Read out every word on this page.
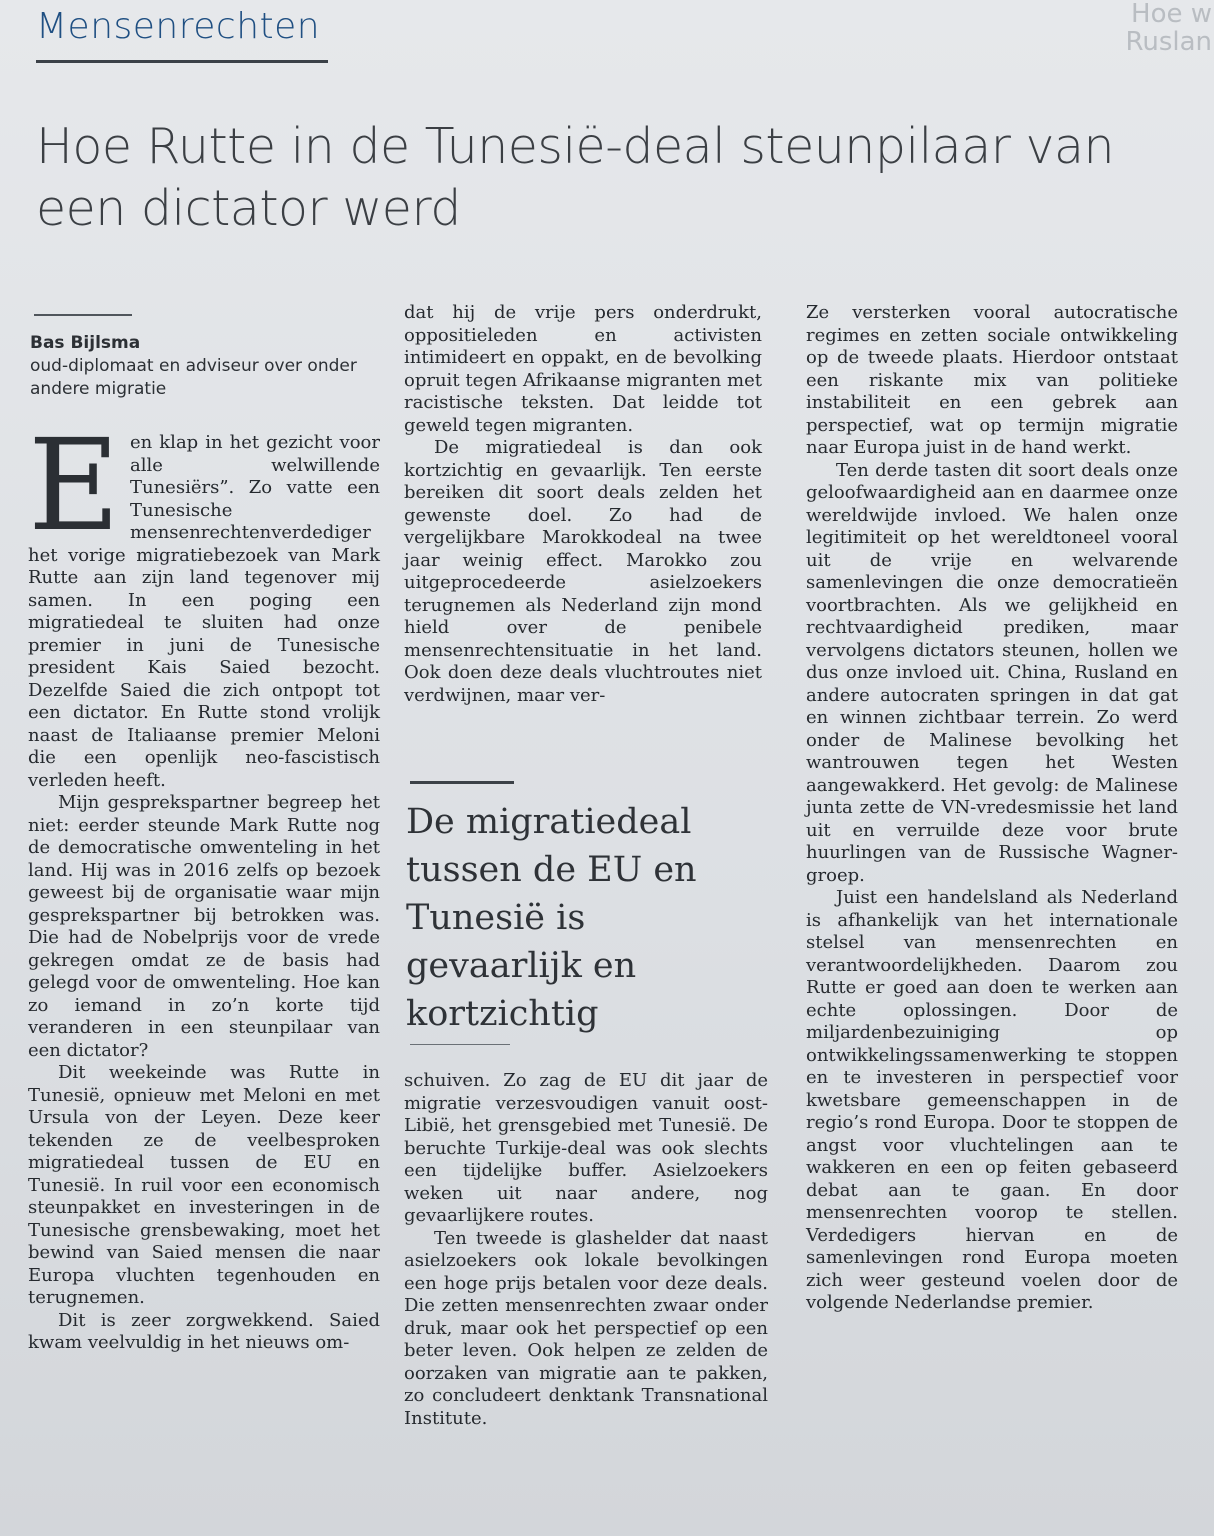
Hoe w
Ruslan
Mensenrechten
Hoe Rutte in de Tunesië-deal steunpilaar van een dictator werd
Bas Bijlsma
oud-diplomaat en adviseur over onder andere migratie

Een klap in het gezicht voor alle welwillende Tunesiërs”. Zo vatte een Tunesische mensenrechtenverdediger het vorige migratiebezoek van Mark Rutte aan zijn land tegenover mij samen. In een poging een migratiedeal te sluiten had onze premier in juni de Tunesische president Kais Saied bezocht. Dezelfde Saied die zich ontpopt tot een dictator. En Rutte stond vrolijk naast de Italiaanse premier Meloni die een openlijk neo-fascistisch verleden heeft.

Mijn gesprekspartner begreep het niet: eerder steunde Mark Rutte nog de democratische omwenteling in het land. Hij was in 2016 zelfs op bezoek geweest bij de organisatie waar mijn gesprekspartner bij betrokken was. Die had de Nobelprijs voor de vrede gekregen omdat ze de basis had gelegd voor de omwenteling. Hoe kan zo iemand in zo’n korte tijd veranderen in een steunpilaar van een dictator?

Dit weekeinde was Rutte in Tunesië, opnieuw met Meloni en met Ursula von der Leyen. Deze keer tekenden ze de veelbesproken migratiedeal tussen de EU en Tunesië. In ruil voor een economisch steunpakket en investeringen in de Tunesische grensbewaking, moet het bewind van Saied mensen die naar Europa vluchten tegenhouden en terugnemen.

Dit is zeer zorgwekkend. Saied kwam veelvuldig in het nieuws om-

dat hij de vrije pers onderdrukt, oppositieleden en activisten intimideert en oppakt, en de bevolking opruit tegen Afrikaanse migranten met racistische teksten. Dat leidde tot geweld tegen migranten.

De migratiedeal is dan ook kortzichtig en gevaarlijk. Ten eerste bereiken dit soort deals zelden het gewenste doel. Zo had de vergelijkbare Marokkodeal na twee jaar weinig effect. Marokko zou uitgeprocedeerde asielzoekers terugnemen als Nederland zijn mond hield over de penibele mensenrechtensituatie in het land. Ook doen deze deals vluchtroutes niet verdwijnen, maar ver-

De migratiedeal tussen de EU en Tunesië is gevaarlijk en kortzichtig

schuiven. Zo zag de EU dit jaar de migratie verzesvoudigen vanuit oost-Libië, het grensgebied met Tunesië. De beruchte Turkije-deal was ook slechts een tijdelijke buffer. Asielzoekers weken uit naar andere, nog gevaarlijkere routes.

Ten tweede is glashelder dat naast asielzoekers ook lokale bevolkingen een hoge prijs betalen voor deze deals. Die zetten mensenrechten zwaar onder druk, maar ook het perspectief op een beter leven. Ook helpen ze zelden de oorzaken van migratie aan te pakken, zo concludeert denktank Transnational Institute.

Ze versterken vooral autocratische regimes en zetten sociale ontwikkeling op de tweede plaats. Hierdoor ontstaat een riskante mix van politieke instabiliteit en een gebrek aan perspectief, wat op termijn migratie naar Europa juist in de hand werkt.

Ten derde tasten dit soort deals onze geloofwaardigheid aan en daarmee onze wereldwijde invloed. We halen onze legitimiteit op het wereldtoneel vooral uit de vrije en welvarende samenlevingen die onze democratieën voortbrachten. Als we gelijkheid en rechtvaardigheid prediken, maar vervolgens dictators steunen, hollen we dus onze invloed uit. China, Rusland en andere autocraten springen in dat gat en winnen zichtbaar terrein. Zo werd onder de Malinese bevolking het wantrouwen tegen het Westen aangewakkerd. Het gevolg: de Malinese junta zette de VN-vredesmissie het land uit en verruilde deze voor brute huurlingen van de Russische Wagner-groep.

Juist een handelsland als Nederland is afhankelijk van het internationale stelsel van mensenrechten en verantwoordelijkheden. Daarom zou Rutte er goed aan doen te werken aan echte oplossingen. Door de miljardenbezuiniging op ontwikkelingssamenwerking te stoppen en te investeren in perspectief voor kwetsbare gemeenschappen in de regio’s rond Europa. Door te stoppen de angst voor vluchtelingen aan te wakkeren en een op feiten gebaseerd debat aan te gaan. En door mensenrechten voorop te stellen. Verdedigers hiervan en de samenlevingen rond Europa moeten zich weer gesteund voelen door de volgende Nederlandse premier.
